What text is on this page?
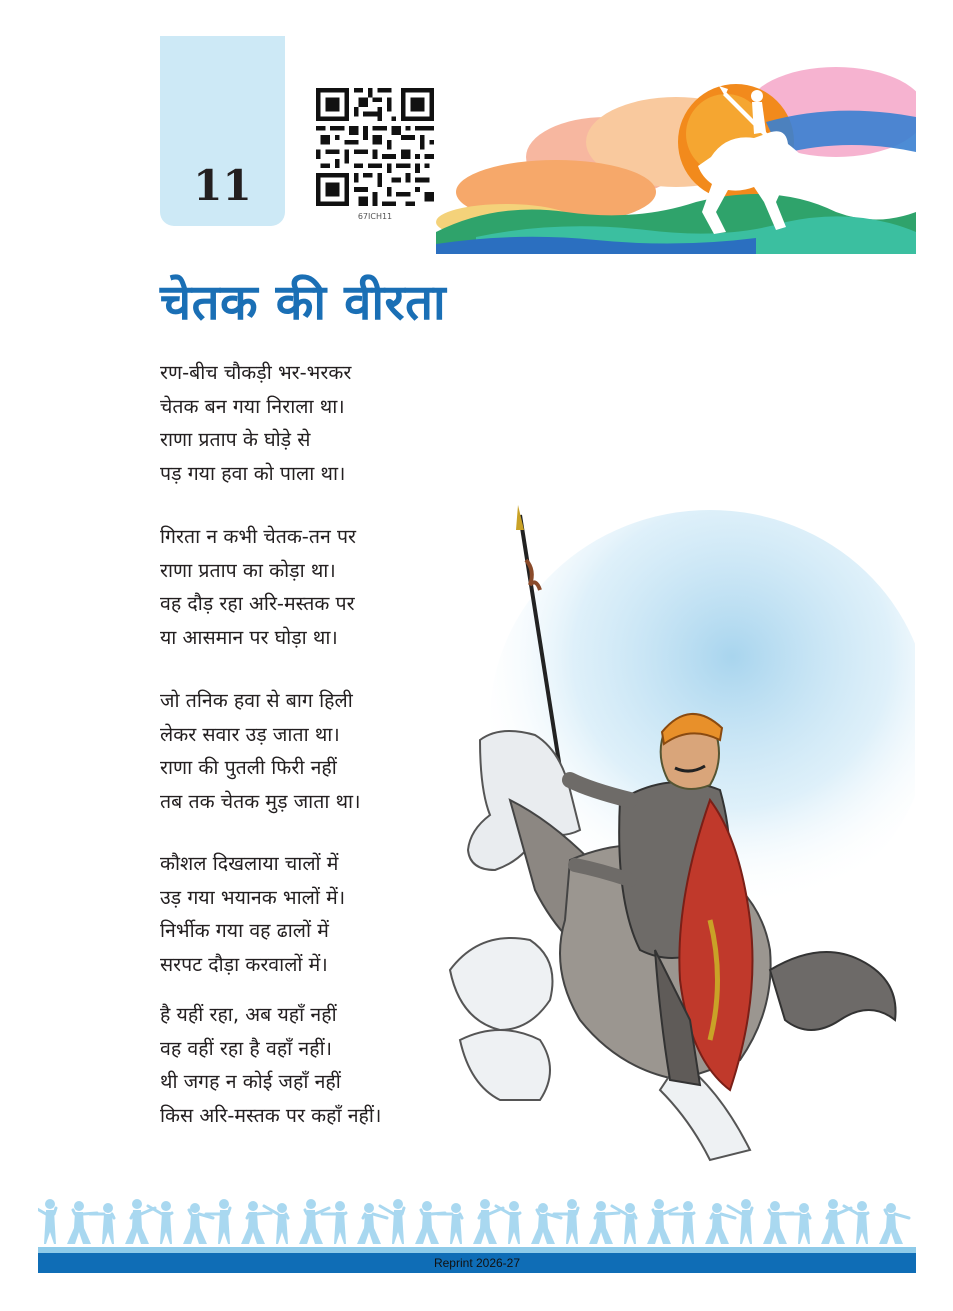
11
67ICH11
चेतक की वीरता
रण-बीच चौकड़ी भर-भरकर
चेतक बन गया निराला था।
राणा प्रताप के घोड़े से
पड़ गया हवा को पाला था।
गिरता न कभी चेतक-तन पर
राणा प्रताप का कोड़ा था।
वह दौड़ रहा अरि-मस्तक पर
या आसमान पर घोड़ा था।
जो तनिक हवा से बाग हिली
लेकर सवार उड़ जाता था।
राणा की पुतली फिरी नहीं
तब तक चेतक मुड़ जाता था।
कौशल दिखलाया चालों में
उड़ गया भयानक भालों में।
निर्भीक गया वह ढालों में
सरपट दौड़ा करवालों में।
है यहीं रहा, अब यहाँ नहीं
वह वहीं रहा है वहाँ नहीं।
थी जगह न कोई जहाँ नहीं
किस अरि-मस्तक पर कहाँ नहीं।
Reprint 2026-27
